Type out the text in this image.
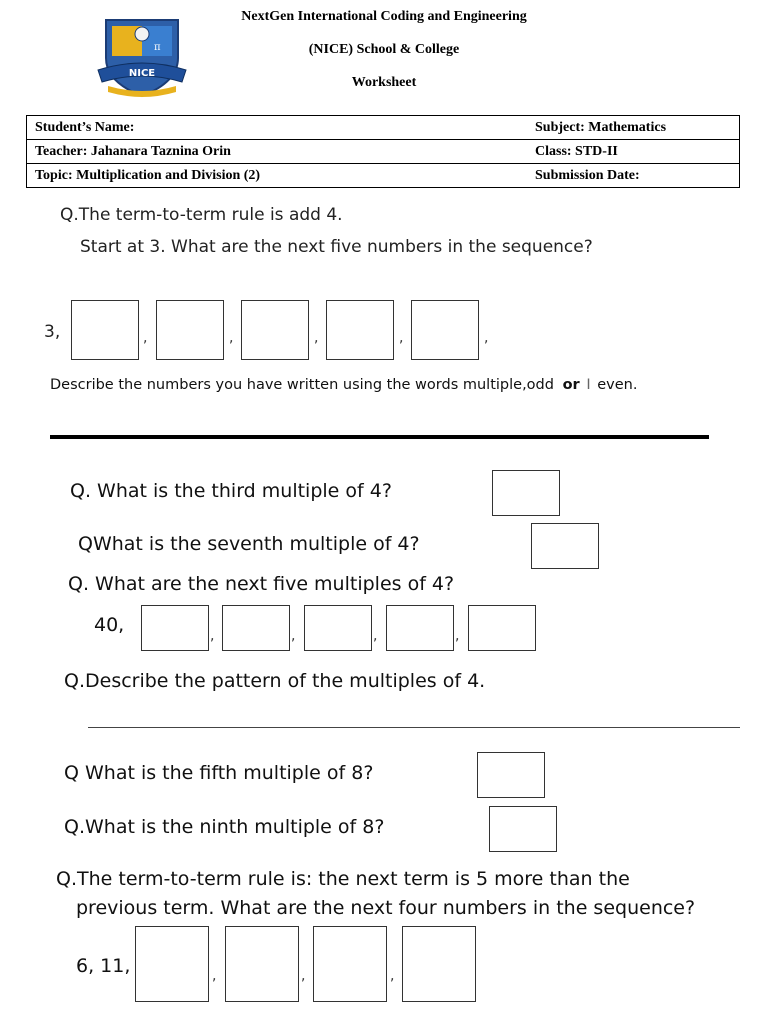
π
NICE
NextGen International Coding and Engineering
(NICE) School & College
Worksheet
Student’s Name:	Subject: Mathematics
Teacher: Jahanara Taznina Orin	Class: STD-II
Topic: Multiplication and Division (2)	Submission Date:
Q.The term-to-term rule is add 4.
Start at 3. What are the next five numbers in the sequence?
3,	,	,	,	,	,
Describe the numbers you have written using the words multiple,odd or I even.
Q. What is the third multiple of 4?
QWhat is the seventh multiple of 4?
Q. What are the next five multiples of 4?
40,	,	,	,	,
Q.Describe the pattern of the multiples of 4.
Q What is the fifth multiple of 8?
Q.What is the ninth multiple of 8?
Q.The term-to-term rule is: the next term is 5 more than the
previous term. What are the next four numbers in the sequence?
6, 11,	,	,	,
